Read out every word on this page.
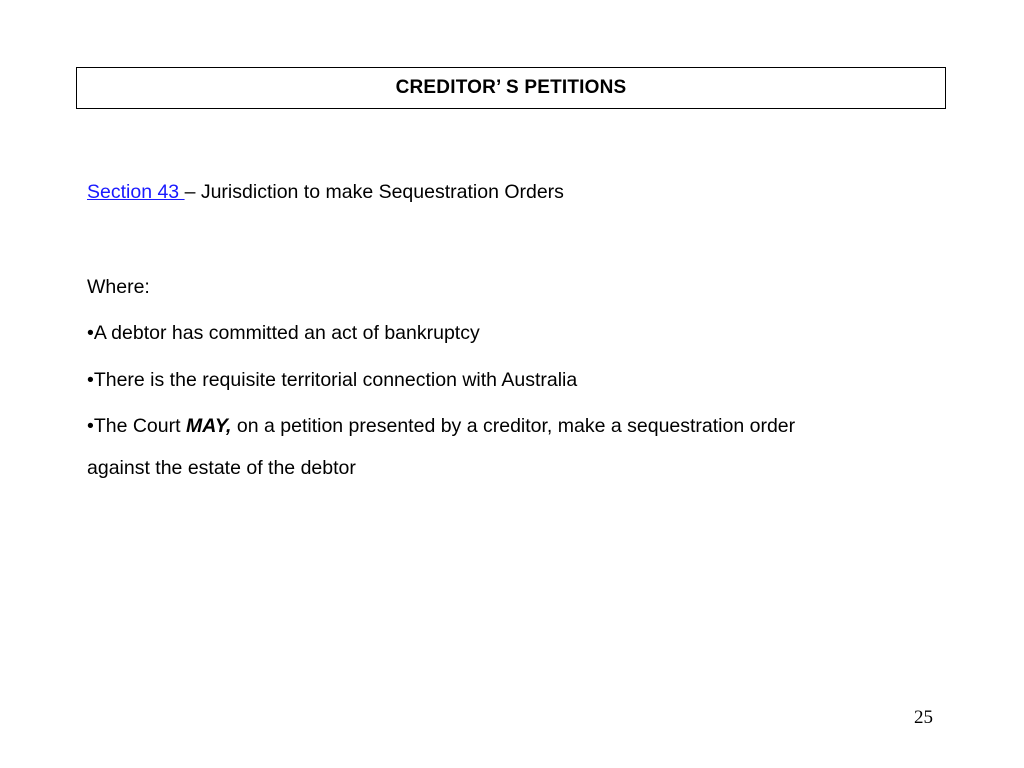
CREDITOR’ S PETITIONS
Section 43 – Jurisdiction to make Sequestration Orders
Where:
•A debtor has committed an act of bankruptcy
•There is the requisite territorial connection with Australia
•The Court MAY, on a petition presented by a creditor, make a sequestration order
against the estate of the debtor
25
